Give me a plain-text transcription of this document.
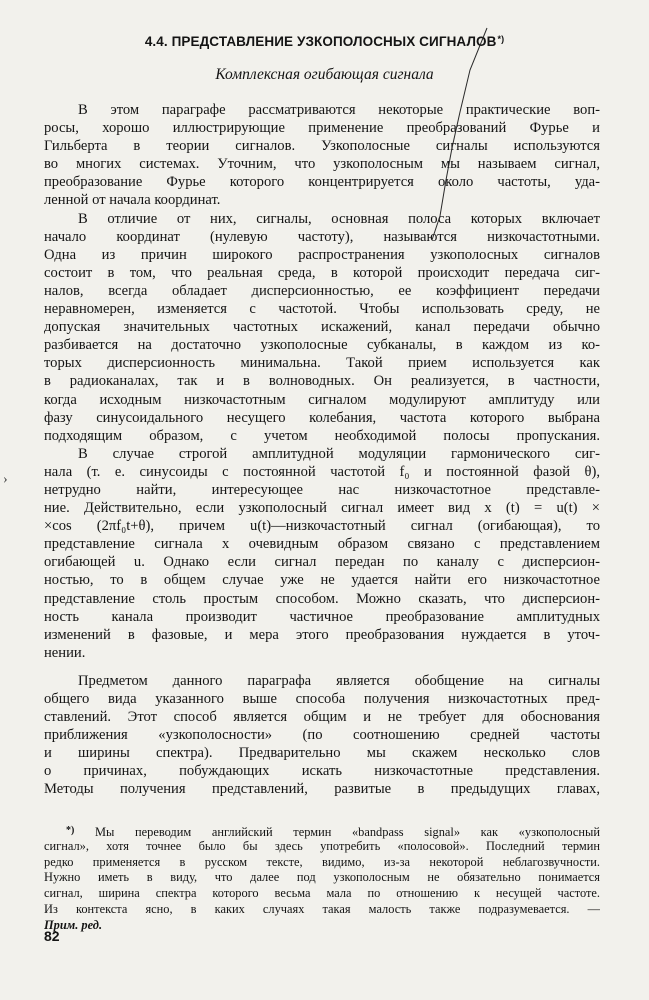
4.4. ПРЕДСТАВЛЕНИЕ УЗКОПОЛОСНЫХ СИГНАЛОВ*)
Комплексная огибающая сигнала

В этом параграфе рассматриваются некоторые практические воп-
росы, хорошо иллюстрирующие применение преобразований Фурье и
Гильберта в теории сигналов. Узкополосные сигналы используются
во многих системах. Уточним, что узкополосным мы называем сигнал,
преобразование Фурье которого концентрируется около частоты, уда-
ленной от начала координат.

В отличие от них, сигналы, основная полоса которых включает
начало координат (нулевую частоту), называются низкочастотными.
Одна из причин широкого распространения узкополосных сигналов
состоит в том, что реальная среда, в которой происходит передача сиг-
налов, всегда обладает дисперсионностью, ее коэффициент передачи
неравномерен, изменяется с частотой. Чтобы использовать среду, не
допуская значительных частотных искажений, канал передачи обычно
разбивается на достаточно узкополосные субканалы, в каждом из ко-
торых дисперсионность минимальна. Такой прием используется как
в радиоканалах, так и в волноводных. Он реализуется, в частности,
когда исходным низкочастотным сигналом модулируют амплитуду или
фазу синусоидального несущего колебания, частота которого выбрана
подходящим образом, с учетом необходимой полосы пропускания.

В случае строгой амплитудной модуляции гармонического сиг-
нала (т. е. синусоиды с постоянной частотой f₀ и постоянной фазой θ),
нетрудно найти, интересующее нас низкочастотное представле-
ние. Действительно, если узкополосный сигнал имеет вид x (t) = u(t) ×
×cos (2πf₀t+θ), причем u(t)—низкочастотный сигнал (огибающая), то
представление сигнала x очевидным образом связано с представлением
огибающей u. Однако если сигнал передан по каналу с дисперсион-
ностью, то в общем случае уже не удается найти его низкочастотное
представление столь простым способом. Можно сказать, что дисперсион-
ность канала производит частичное преобразование амплитудных
изменений в фазовые, и мера этого преобразования нуждается в уточ-
нении.

Предметом данного параграфа является обобщение на сигналы
общего вида указанного выше способа получения низкочастотных пред-
ставлений. Этот способ является общим и не требует для обоснования
приближения «узкополосности» (по соотношению средней частоты
и ширины спектра). Предварительно мы скажем несколько слов
о причинах, побуждающих искать низкочастотные представления.
Методы получения представлений, развитые в предыдущих главах,

*) Мы переводим английский термин «bandpass signal» как «узкополосный
сигнал», хотя точнее было бы здесь употребить «полосовой». Последний термин
редко применяется в русском тексте, видимо, из-за некоторой неблагозвучности.
Нужно иметь в виду, что далее под узкополосным не обязательно понимается
сигнал, ширина спектра которого весьма мала по отношению к несущей частоте.
Из контекста ясно, в каких случаях такая малость также подразумевается. —
Прим. ред.
82
›
